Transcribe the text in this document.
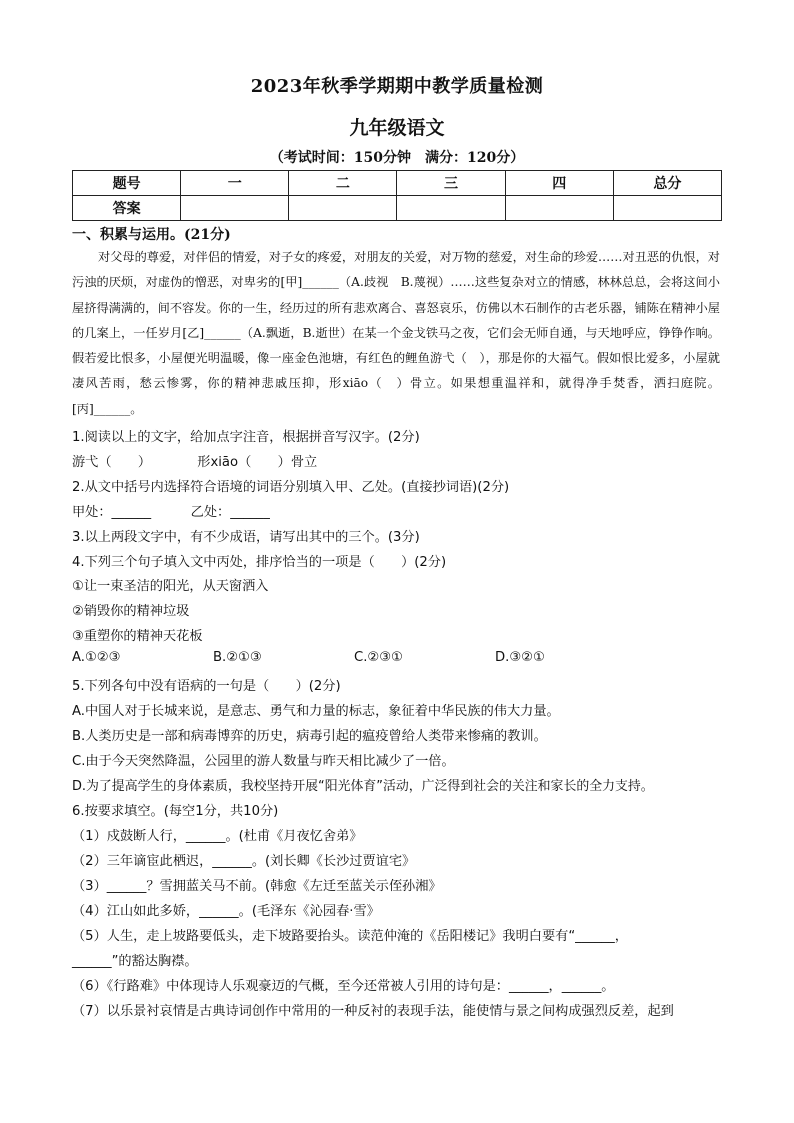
2023年秋季学期期中教学质量检测
九年级语文
（考试时间：150分钟　满分：120分）
题号	一	二	三	四	总分
答案					
一、积累与运用。(21分)
对父母的尊爱，对伴侣的情爱，对子女的疼爱，对朋友的关爱，对万物的慈爱，对生命的珍爱……对丑恶的仇恨，对污浊的厌烦，对虚伪的憎恶，对卑劣的[甲]______（A.歧视　B.蔑视）……这些复杂对立的情感，林林总总，会将这间小屋挤得满满的，间不容发。你的一生，经历过的所有悲欢离合、喜怒哀乐，仿佛以木石制作的古老乐器，铺陈在精神小屋的几案上，一任岁月[乙]______（A.飘逝，B.逝世）在某一个金戈铁马之夜，它们会无师自通，与天地呼应，铮铮作响。假若爱比恨多，小屋便光明温暖，像一座金色池塘，有红色的鲤鱼游弋（　），那是你的大福气。假如恨比爱多，小屋就凄风苦雨，愁云惨雾，你的精神悲戚压抑，形xiāo（　）骨立。如果想重温祥和，就得净手焚香，洒扫庭院。[丙]______。
1.阅读以上的文字，给加点字注音，根据拼音写汉字。(2分)
游弋（　　）　　　　形xiāo（　　）骨立
2.从文中括号内选择符合语境的词语分别填入甲、乙处。(直接抄词语)(2分)
甲处：______　　　乙处：______
3.以上两段文字中，有不少成语，请写出其中的三个。(3分)
4.下列三个句子填入文中丙处，排序恰当的一项是（　　）(2分)
①让一束圣洁的阳光，从天窗洒入
②销毁你的精神垃圾
③重塑你的精神天花板
A.①②③	B.②①③	C.②③①	D.③②①
5.下列各句中没有语病的一句是（　　）(2分)
A.中国人对于长城来说，是意志、勇气和力量的标志，象征着中华民族的伟大力量。
B.人类历史是一部和病毒博弈的历史，病毒引起的瘟疫曾给人类带来惨痛的教训。
C.由于今天突然降温，公园里的游人数量与昨天相比减少了一倍。
D.为了提高学生的身体素质，我校坚持开展“阳光体育”活动，广泛得到社会的关注和家长的全力支持。
6.按要求填空。(每空1分，共10分)
（1）戍鼓断人行，______。(杜甫《月夜忆舍弟》
（2）三年谪宦此栖迟，______。(刘长卿《长沙过贾谊宅》
（3）______？雪拥蓝关马不前。(韩愈《左迁至蓝关示侄孙湘》
（4）江山如此多娇，______。(毛泽东《沁园春·雪》
（5）人生，走上坡路要低头，走下坡路要抬头。读范仲淹的《岳阳楼记》我明白要有“______，
______”的豁达胸襟。
（6）《行路难》中体现诗人乐观豪迈的气概，至今还常被人引用的诗句是：______，______。
（7）以乐景衬哀情是古典诗词创作中常用的一种反衬的表现手法，能使情与景之间构成强烈反差，起到
